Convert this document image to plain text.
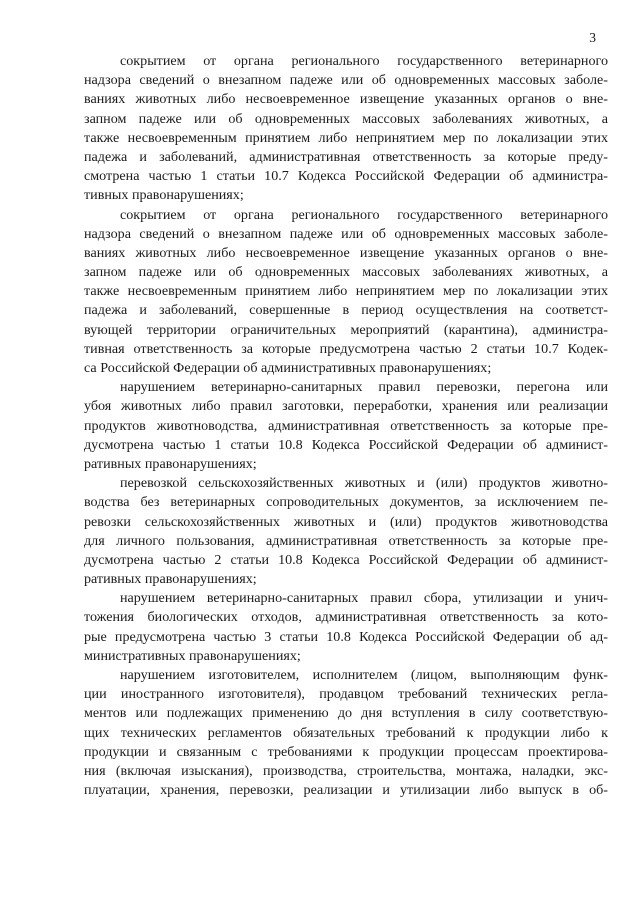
3
сокрытием от органа регионального государственного ветеринарного
надзора сведений о внезапном падеже или об одновременных массовых заболе-
ваниях животных либо несвоевременное извещение указанных органов о вне-
запном падеже или об одновременных массовых заболеваниях животных, а
также несвоевременным принятием либо непринятием мер по локализации этих
падежа и заболеваний, административная ответственность за которые преду-
смотрена частью 1 статьи 10.7 Кодекса Российской Федерации об администра-
тивных правонарушениях;
сокрытием от органа регионального государственного ветеринарного
надзора сведений о внезапном падеже или об одновременных массовых заболе-
ваниях животных либо несвоевременное извещение указанных органов о вне-
запном падеже или об одновременных массовых заболеваниях животных, а
также несвоевременным принятием либо непринятием мер по локализации этих
падежа и заболеваний, совершенные в период осуществления на соответст-
вующей территории ограничительных мероприятий (карантина), администра-
тивная ответственность за которые предусмотрена частью 2 статьи 10.7 Кодек-
са Российской Федерации об административных правонарушениях;
нарушением ветеринарно-санитарных правил перевозки, перегона или
убоя животных либо правил заготовки, переработки, хранения или реализации
продуктов животноводства, административная ответственность за которые пре-
дусмотрена частью 1 статьи 10.8 Кодекса Российской Федерации об админист-
ративных правонарушениях;
перевозкой сельскохозяйственных животных и (или) продуктов животно-
водства без ветеринарных сопроводительных документов, за исключением пе-
ревозки сельскохозяйственных животных и (или) продуктов животноводства
для личного пользования, административная ответственность за которые пре-
дусмотрена частью 2 статьи 10.8 Кодекса Российской Федерации об админист-
ративных правонарушениях;
нарушением ветеринарно-санитарных правил сбора, утилизации и унич-
тожения биологических отходов, административная ответственность за кото-
рые предусмотрена частью 3 статьи 10.8 Кодекса Российской Федерации об ад-
министративных правонарушениях;
нарушением изготовителем, исполнителем (лицом, выполняющим функ-
ции иностранного изготовителя), продавцом требований технических регла-
ментов или подлежащих применению до дня вступления в силу соответствую-
щих технических регламентов обязательных требований к продукции либо к
продукции и связанным с требованиями к продукции процессам проектирова-
ния (включая изыскания), производства, строительства, монтажа, наладки, экс-
плуатации, хранения, перевозки, реализации и утилизации либо выпуск в об-
